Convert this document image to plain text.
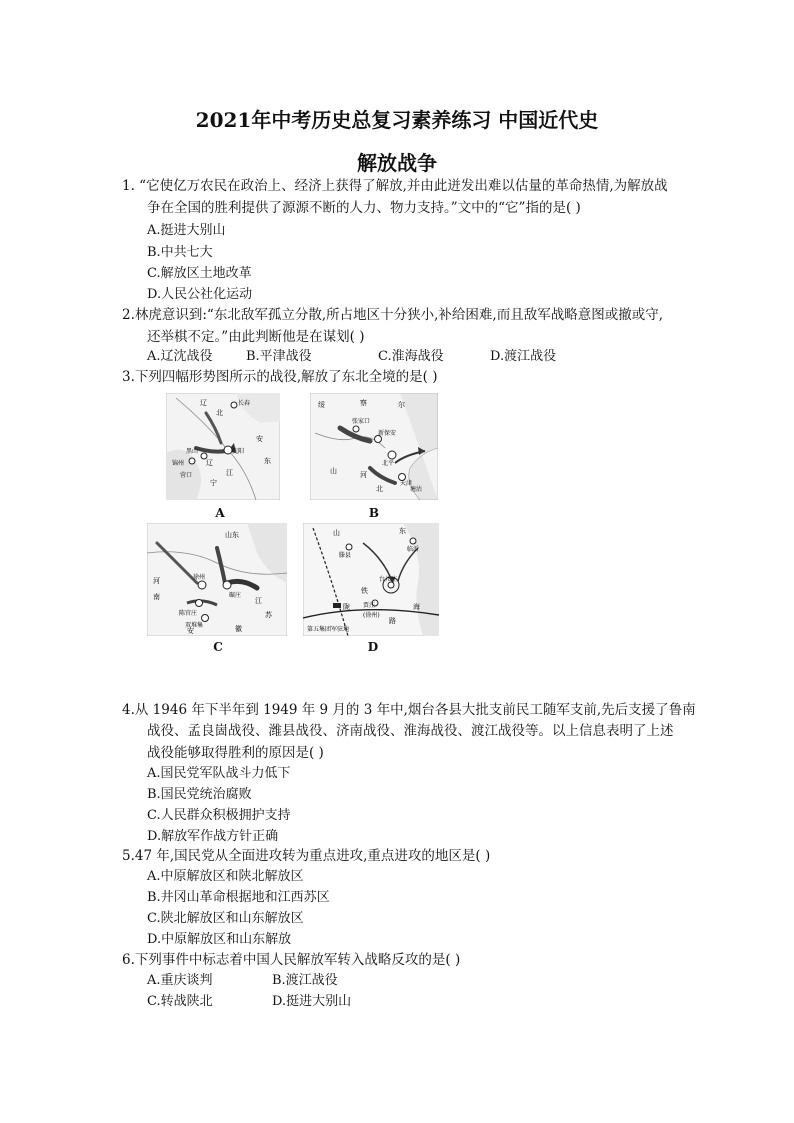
2021年中考历史总复习素养练习 中国近代史
解放战争
1. “它使亿万农民在政治上、经济上获得了解放,并由此迸发出难以估量的革命热情,为解放战
争在全国的胜利提供了源源不断的人力、物力支持。”文中的“它”指的是( )
A.挺进大别山
B.中共七大
C.解放区土地改革
D.人民公社化运动
2.林虎意识到:“东北敌军孤立分散,所占地区十分狭小,补给困难,而且敌军战略意图或撤或守,
还举棋不定。”由此判断他是在谋划( )
A.辽沈战役	B.平津战役	C.淮海战役	D.渡江战役
3.下列四幅形势图所示的战役,解放了东北全境的是( )
辽
北
长春
安
沈阳
黑山
锦州
营口
辽
宁
江
东
A
绥	察	尔
张家口
新保安
北平
山	河
北
天津
塘沽
B
山东
河
南
徐州
碾庄
陈官庄
双堆集
江
苏
安	徽
C
山	东
滕县
临沂
台儿庄
陇	海
铁
路
贾汪
(徐州)
第五集团军驻地
D
4.从 1946 年下半年到 1949 年 9 月的 3 年中,烟台各县大批支前民工随军支前,先后支援了鲁南
战役、孟良崮战役、潍县战役、济南战役、淮海战役、渡江战役等。以上信息表明了上述
战役能够取得胜利的原因是( )
A.国民党军队战斗力低下
B.国民党统治腐败
C.人民群众积极拥护支持
D.解放军作战方针正确
5.47 年,国民党从全面进攻转为重点进攻,重点进攻的地区是( )
A.中原解放区和陕北解放区
B.井冈山革命根据地和江西苏区
C.陕北解放区和山东解放区
D.中原解放区和山东解放
6.下列事件中标志着中国人民解放军转入战略反攻的是( )
A.重庆谈判	B.渡江战役
C.转战陕北	D.挺进大别山
